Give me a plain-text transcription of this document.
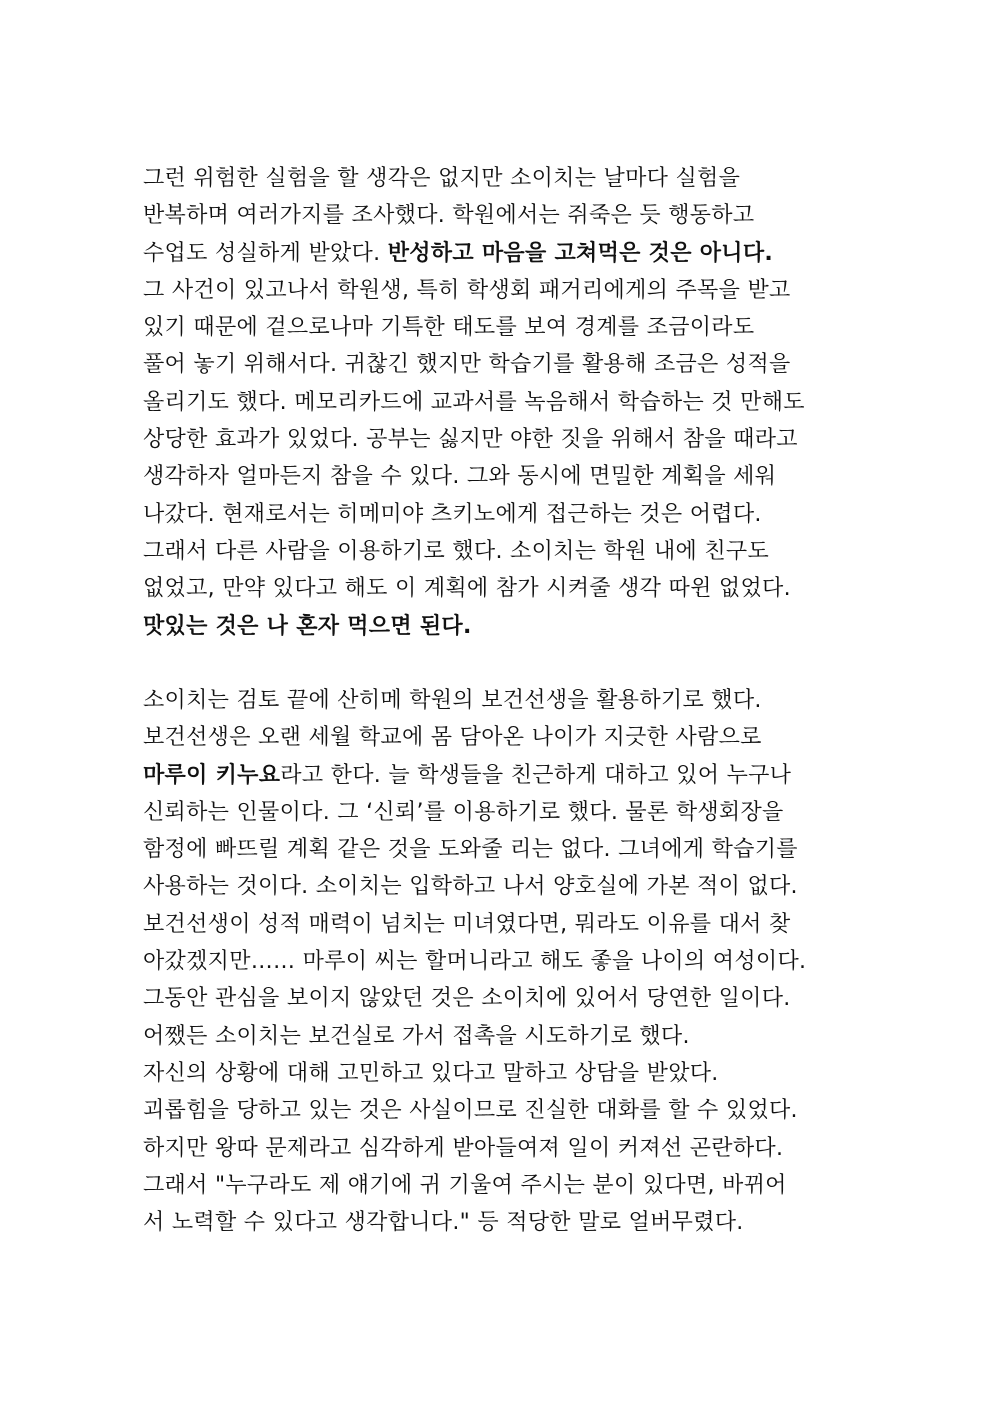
그런 위험한 실험을 할 생각은 없지만 소이치는 날마다 실험을
반복하며 여러가지를 조사했다. 학원에서는 쥐죽은 듯 행동하고
수업도 성실하게 받았다. 반성하고 마음을 고쳐먹은 것은 아니다.
그 사건이 있고나서 학원생, 특히 학생회 패거리에게의 주목을 받고
있기 때문에 겉으로나마 기특한 태도를 보여 경계를 조금이라도
풀어 놓기 위해서다. 귀찮긴 했지만 학습기를 활용해 조금은 성적을
올리기도 했다. 메모리카드에 교과서를 녹음해서 학습하는 것 만해도
상당한 효과가 있었다. 공부는 싫지만 야한 짓을 위해서 참을 때라고
생각하자 얼마든지 참을 수 있다. 그와 동시에 면밀한 계획을 세워
나갔다. 현재로서는 히메미야 츠키노에게 접근하는 것은 어렵다.
그래서 다른 사람을 이용하기로 했다. 소이치는 학원 내에 친구도
없었고, 만약 있다고 해도 이 계획에 참가 시켜줄 생각 따윈 없었다.
맛있는 것은 나 혼자 먹으면 된다.
소이치는 검토 끝에 산히메 학원의 보건선생을 활용하기로 했다.
보건선생은 오랜 세월 학교에 몸 담아온 나이가 지긋한 사람으로
마루이 키누요라고 한다. 늘 학생들을 친근하게 대하고 있어 누구나
신뢰하는 인물이다. 그 ‘신뢰’를 이용하기로 했다. 물론 학생회장을
함정에 빠뜨릴 계획 같은 것을 도와줄 리는 없다. 그녀에게 학습기를
사용하는 것이다. 소이치는 입학하고 나서 양호실에 가본 적이 없다.
보건선생이 성적 매력이 넘치는 미녀였다면, 뭐라도 이유를 대서 찾
아갔겠지만…… 마루이 씨는 할머니라고 해도 좋을 나이의 여성이다.
그동안 관심을 보이지 않았던 것은 소이치에 있어서 당연한 일이다.
어쨌든 소이치는 보건실로 가서 접촉을 시도하기로 했다.
자신의 상황에 대해 고민하고 있다고 말하고 상담을 받았다.
괴롭힘을 당하고 있는 것은 사실이므로 진실한 대화를 할 수 있었다.
하지만 왕따 문제라고 심각하게 받아들여져 일이 커져선 곤란하다.
그래서 "누구라도 제 얘기에 귀 기울여 주시는 분이 있다면, 바뀌어
서 노력할 수 있다고 생각합니다." 등 적당한 말로 얼버무렸다.
